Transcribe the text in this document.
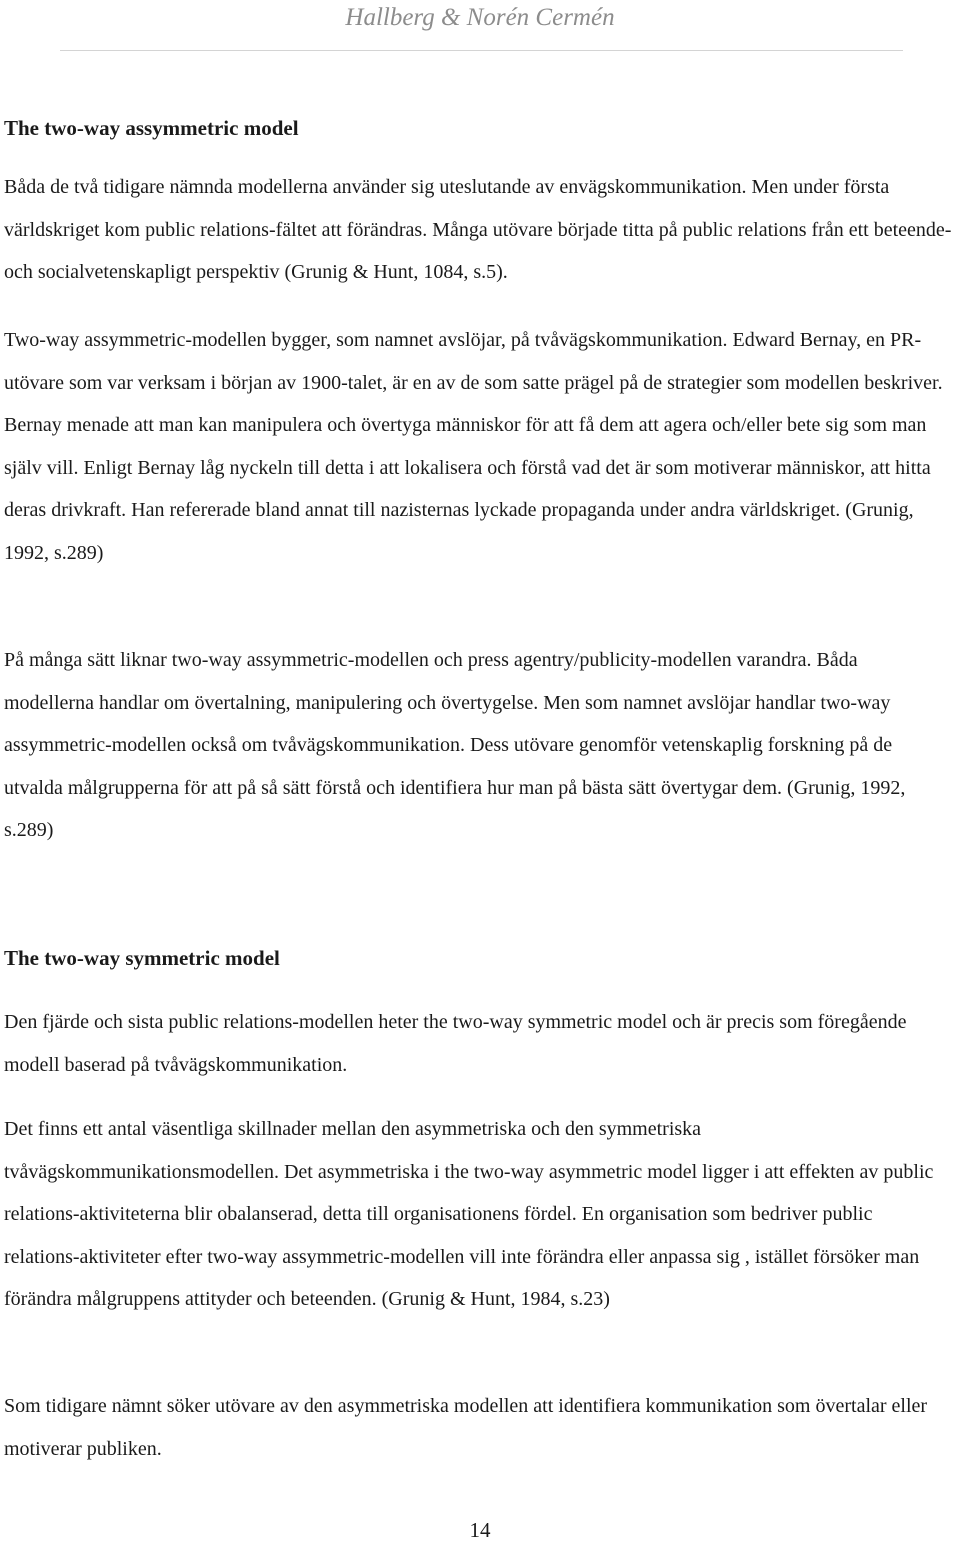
Hallberg & Norén Cermén
The two-way assymmetric model

Båda de två tidigare nämnda modellerna använder sig uteslutande av envägskommunikation. Men under första världskriget kom public relations-fältet att förändras. Många utövare började titta på public relations från ett beteende- och socialvetenskapligt perspektiv (Grunig & Hunt, 1084, s.5).

Two-way assymmetric-modellen bygger, som namnet avslöjar, på tvåvägskommunikation. Edward Bernay, en PR-utövare som var verksam i början av 1900-talet, är en av de som satte prägel på de strategier som modellen beskriver. Bernay menade att man kan manipulera och övertyga människor för att få dem att agera och/eller bete sig som man själv vill. Enligt Bernay låg nyckeln till detta i att lokalisera och förstå vad det är som motiverar människor, att hitta deras drivkraft. Han refererade bland annat till nazisternas lyckade propaganda under andra världskriget. (Grunig, 1992, s.289)

På många sätt liknar two-way assymmetric-modellen och press agentry/publicity-modellen varandra. Båda modellerna handlar om övertalning, manipulering och övertygelse. Men som namnet avslöjar handlar two-way assymmetric-modellen också om tvåvägskommunikation. Dess utövare genomför vetenskaplig forskning på de utvalda målgrupperna för att på så sätt förstå och identifiera hur man på bästa sätt övertygar dem. (Grunig, 1992, s.289)

The two-way symmetric model

Den fjärde och sista public relations-modellen heter the two-way symmetric model och är precis som föregående modell baserad på tvåvägskommunikation.

Det finns ett antal väsentliga skillnader mellan den asymmetriska och den symmetriska tvåvägskommunikationsmodellen. Det asymmetriska i the two-way asymmetric model ligger i att effekten av public relations-aktiviteterna blir obalanserad, detta till organisationens fördel. En organisation som bedriver public relations-aktiviteter efter two-way assymmetric-modellen vill inte förändra eller anpassa sig , istället försöker man förändra målgruppens attityder och beteenden. (Grunig & Hunt, 1984, s.23)

Som tidigare nämnt söker utövare av den asymmetriska modellen att identifiera kommunikation som övertalar eller motiverar publiken.

14
